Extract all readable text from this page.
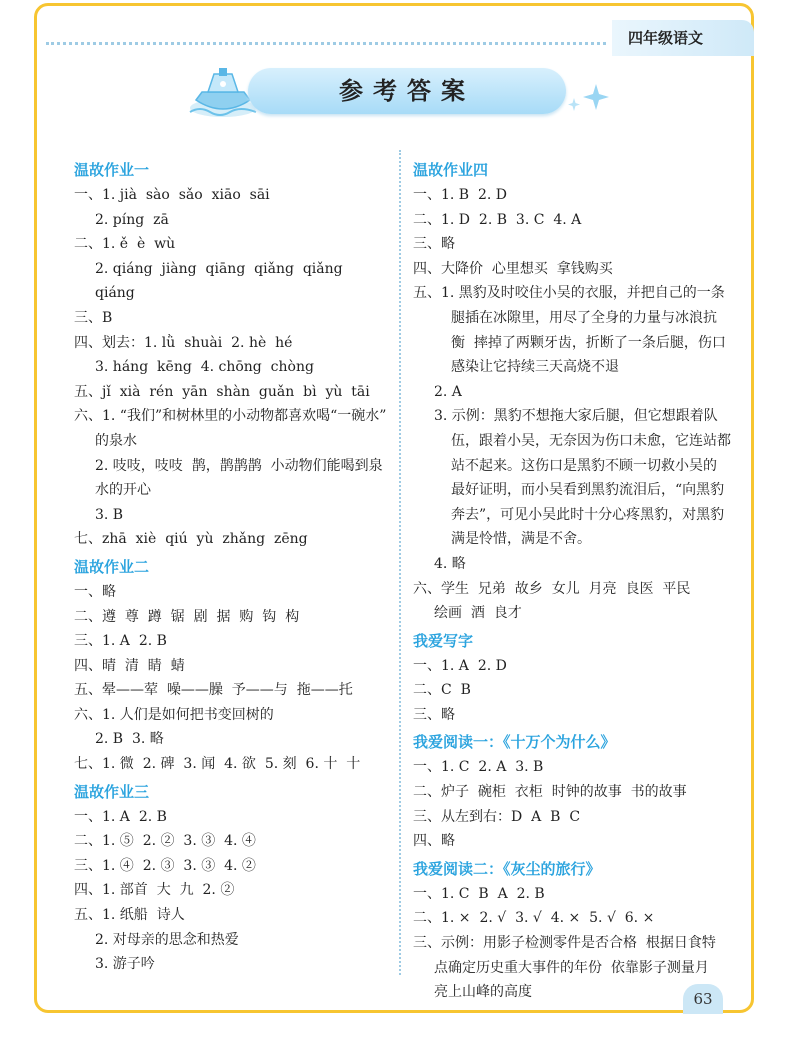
四年级语文
参考答案
温故作业一
一、1. jià  sào  sǎo  xiāo  sāi
2. píng  zā
二、1. ě  è  wù
2. qiáng  jiàng  qiāng  qiǎng  qiǎng
qiáng
三、B
四、划去：1. lǜ  shuài  2. hè  hé
3. háng  kēng  4. chōng  chòng
五、jǐ  xià  rén  yān  shàn  guǎn  bì  yù  tāi
六、1. “我们”和树林里的小动物都喜欢喝“一碗水”
的泉水
2. 吱吱，吱吱  鹊，鹊鹊鹊  小动物们能喝到泉
水的开心
3. B
七、zhā  xiè  qiú  yù  zhǎng  zēng
温故作业二
一、略
二、遵  尊  蹲  锯  剧  据  购  钩  构
三、1. A  2. B
四、晴  清  睛  蜻
五、晕——荤  噪——臊  予——与  拖——托
六、1. 人们是如何把书变回树的
2. B  3. 略
七、1. 微  2. 碑  3. 闻  4. 欲  5. 刻  6. 十  十
温故作业三
一、1. A  2. B
二、1. ⑤  2. ②  3. ③  4. ④
三、1. ④  2. ③  3. ③  4. ②
四、1. 部首  大  九  2. ②
五、1. 纸船  诗人
2. 对母亲的思念和热爱
3. 游子吟
温故作业四
一、1. B  2. D
二、1. D  2. B  3. C  4. A
三、略
四、大降价  心里想买  拿钱购买
五、1. 黑豹及时咬住小吴的衣服，并把自己的一条
腿插在冰隙里，用尽了全身的力量与冰浪抗
衡  摔掉了两颗牙齿，折断了一条后腿，伤口
感染让它持续三天高烧不退
2. A
3. 示例：黑豹不想拖大家后腿，但它想跟着队
伍，跟着小吴，无奈因为伤口未愈，它连站都
站不起来。这伤口是黑豹不顾一切救小吴的
最好证明，而小吴看到黑豹流泪后，“向黑豹
奔去”，可见小吴此时十分心疼黑豹，对黑豹
满是怜惜，满是不舍。
4. 略
六、学生  兄弟  故乡  女儿  月亮  良医  平民
绘画  酒  良才
我爱写字
一、1. A  2. D
二、C  B
三、略
我爱阅读一：《十万个为什么》
一、1. C  2. A  3. B
二、炉子  碗柜  衣柜  时钟的故事  书的故事
三、从左到右：D  A  B  C
四、略
我爱阅读二：《灰尘的旅行》
一、1. C  B  A  2. B
二、1. ×  2. √  3. √  4. ×  5. √  6. ×
三、示例：用影子检测零件是否合格  根据日食特
点确定历史重大事件的年份  依靠影子测量月
亮上山峰的高度	63
